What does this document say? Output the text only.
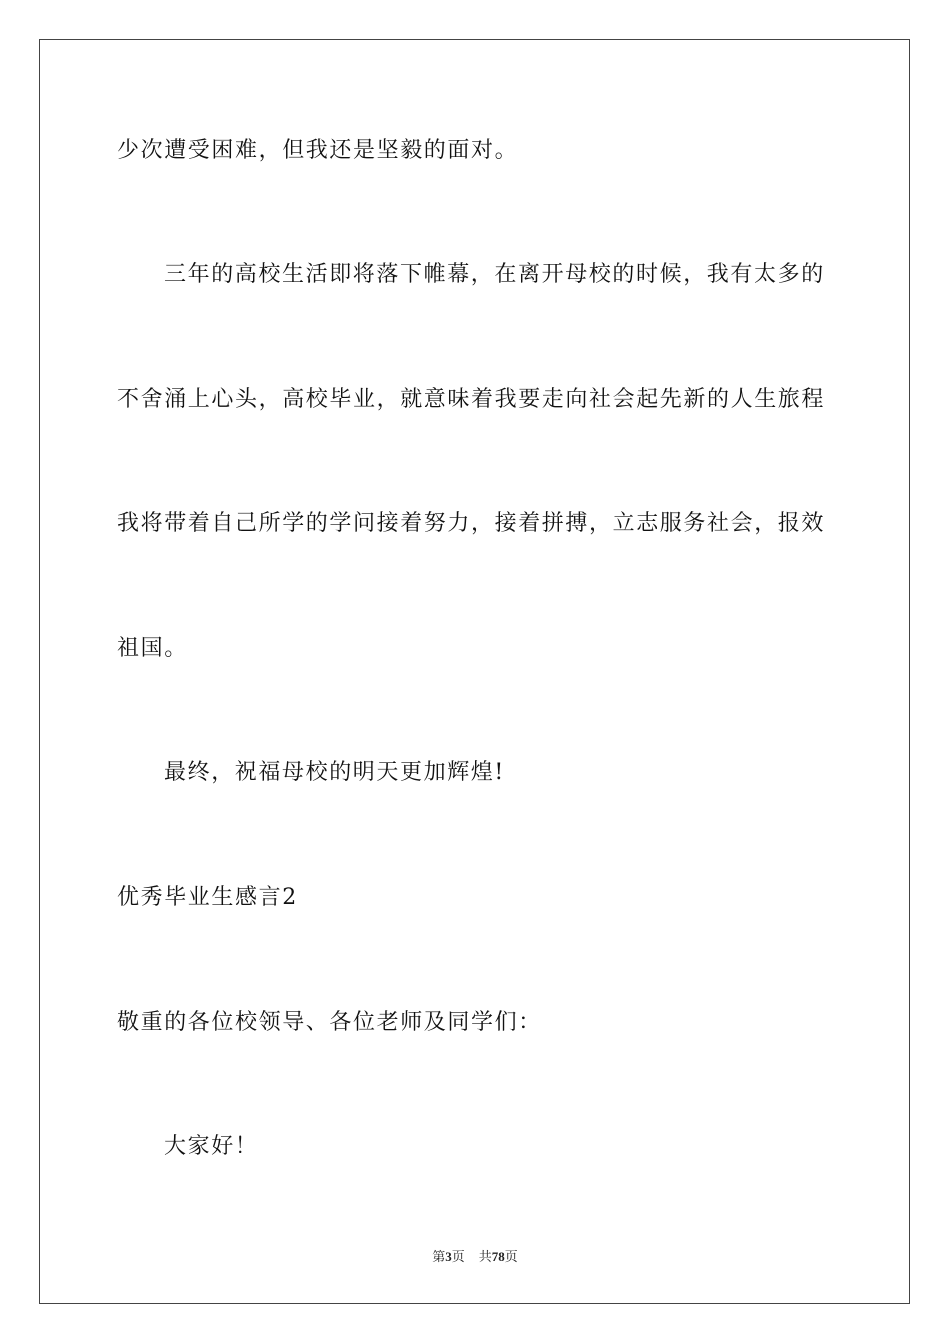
少次遭受困难，但我还是坚毅的面对。
三年的高校生活即将落下帷幕，在离开母校的时候，我有太多的
不舍涌上心头，高校毕业，就意味着我要走向社会起先新的人生旅程
我将带着自己所学的学问接着努力，接着拼搏，立志服务社会，报效
祖国。
最终，祝福母校的明天更加辉煌!
优秀毕业生感言2
敬重的各位校领导、各位老师及同学们：
大家好！
第3页 共78页
